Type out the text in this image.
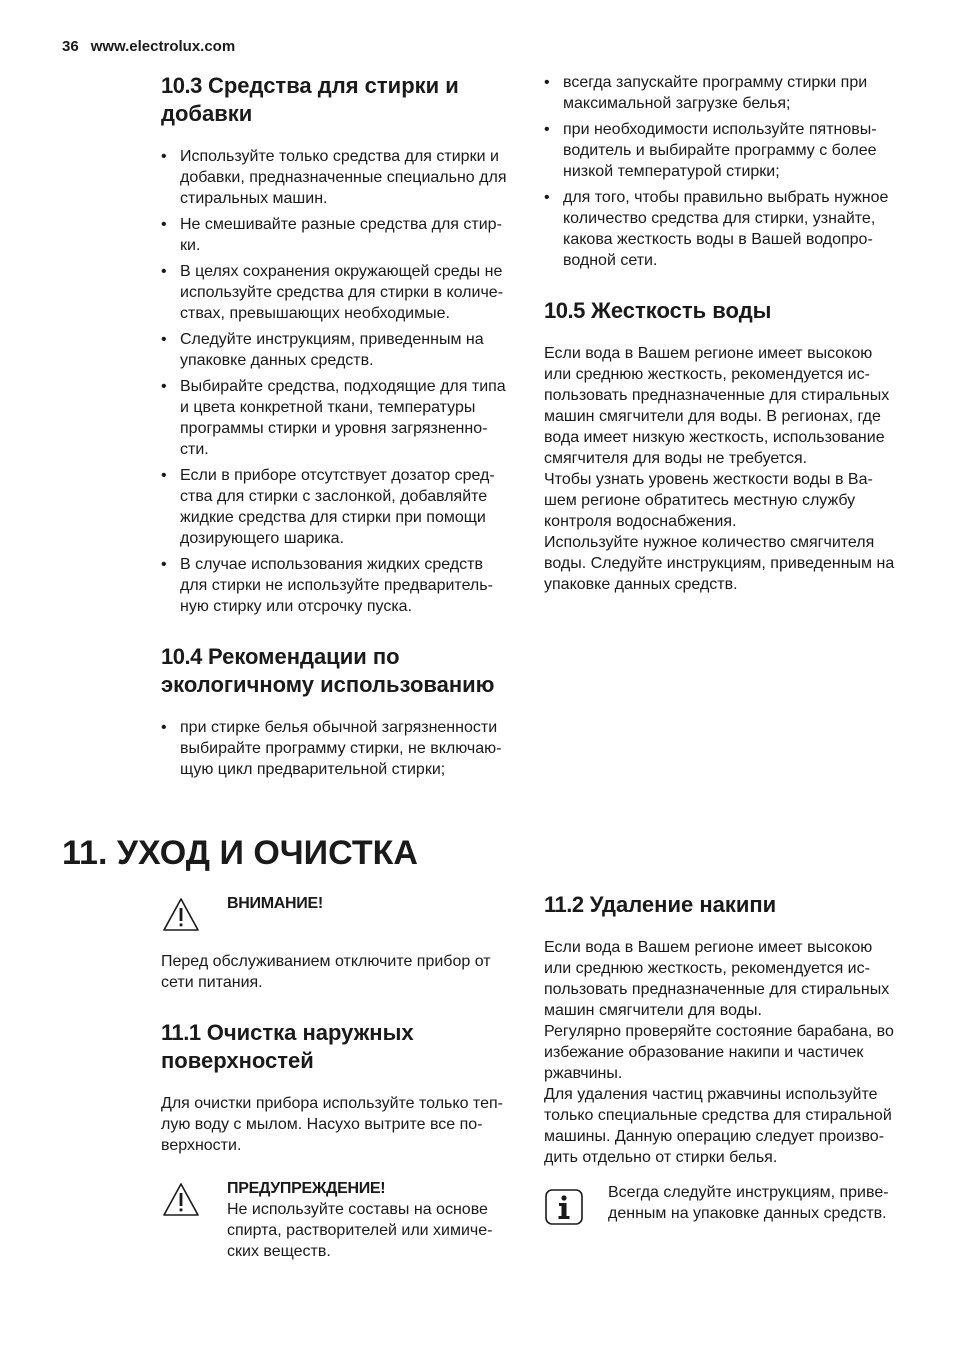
36 www.electrolux.com
10.3 Средства для стирки и добавки
• Используйте только средства для стирки и добавки, предназначенные специально для стиральных машин.
• Не смешивайте разные средства для стир-ки.
• В целях сохранения окружающей среды не используйте средства для стирки в количе-ствах, превышающих необходимые.
• Следуйте инструкциям, приведенным на упаковке данных средств.
• Выбирайте средства, подходящие для типа и цвета конкретной ткани, температуры программы стирки и уровня загрязненно-сти.
• Если в приборе отсутствует дозатор сред-ства для стирки с заслонкой, добавляйте жидкие средства для стирки при помощи дозирующего шарика.
• В случае использования жидких средств для стирки не используйте предваритель-ную стирку или отсрочку пуска.
10.4 Рекомендации по экологичному использованию
• при стирке белья обычной загрязненности выбирайте программу стирки, не включаю-щую цикл предварительной стирки;
• всегда запускайте программу стирки при максимальной загрузке белья;
• при необходимости используйте пятновы-водитель и выбирайте программу с более низкой температурой стирки;
• для того, чтобы правильно выбрать нужное количество средства для стирки, узнайте, какова жесткость воды в Вашей водопро-водной сети.
10.5 Жесткость воды

Если вода в Вашем регионе имеет высокою или среднюю жесткость, рекомендуется ис-пользовать предназначенные для стиральных машин смягчители для воды. В регионах, где вода имеет низкую жесткость, использование смягчителя для воды не требуется.

Чтобы узнать уровень жесткости воды в Ва-шем регионе обратитесь местную службу контроля водоснабжения.

Используйте нужное количество смягчителя воды. Следуйте инструкциям, приведенным на упаковке данных средств.

11. УХОД И ОЧИСТКА
ВНИМАНИЕ!

Перед обслуживанием отключите прибор от сети питания.

11.1 Очистка наружных поверхностей

Для очистки прибора используйте только теп-лую воду с мылом. Насухо вытрите все по-верхности.

ПРЕДУПРЕЖДЕНИЕ!
Не используйте составы на основе спирта, растворителей или химиче-ских веществ.
11.2 Удаление накипи

Если вода в Вашем регионе имеет высокою или среднюю жесткость, рекомендуется ис-пользовать предназначенные для стиральных машин смягчители для воды.

Регулярно проверяйте состояние барабана, во избежание образование накипи и частичек ржавчины.

Для удаления частиц ржавчины используйте только специальные средства для стиральной машины. Данную операцию следует произво-дить отдельно от стирки белья.

Всегда следуйте инструкциям, приве-денным на упаковке данных средств.
